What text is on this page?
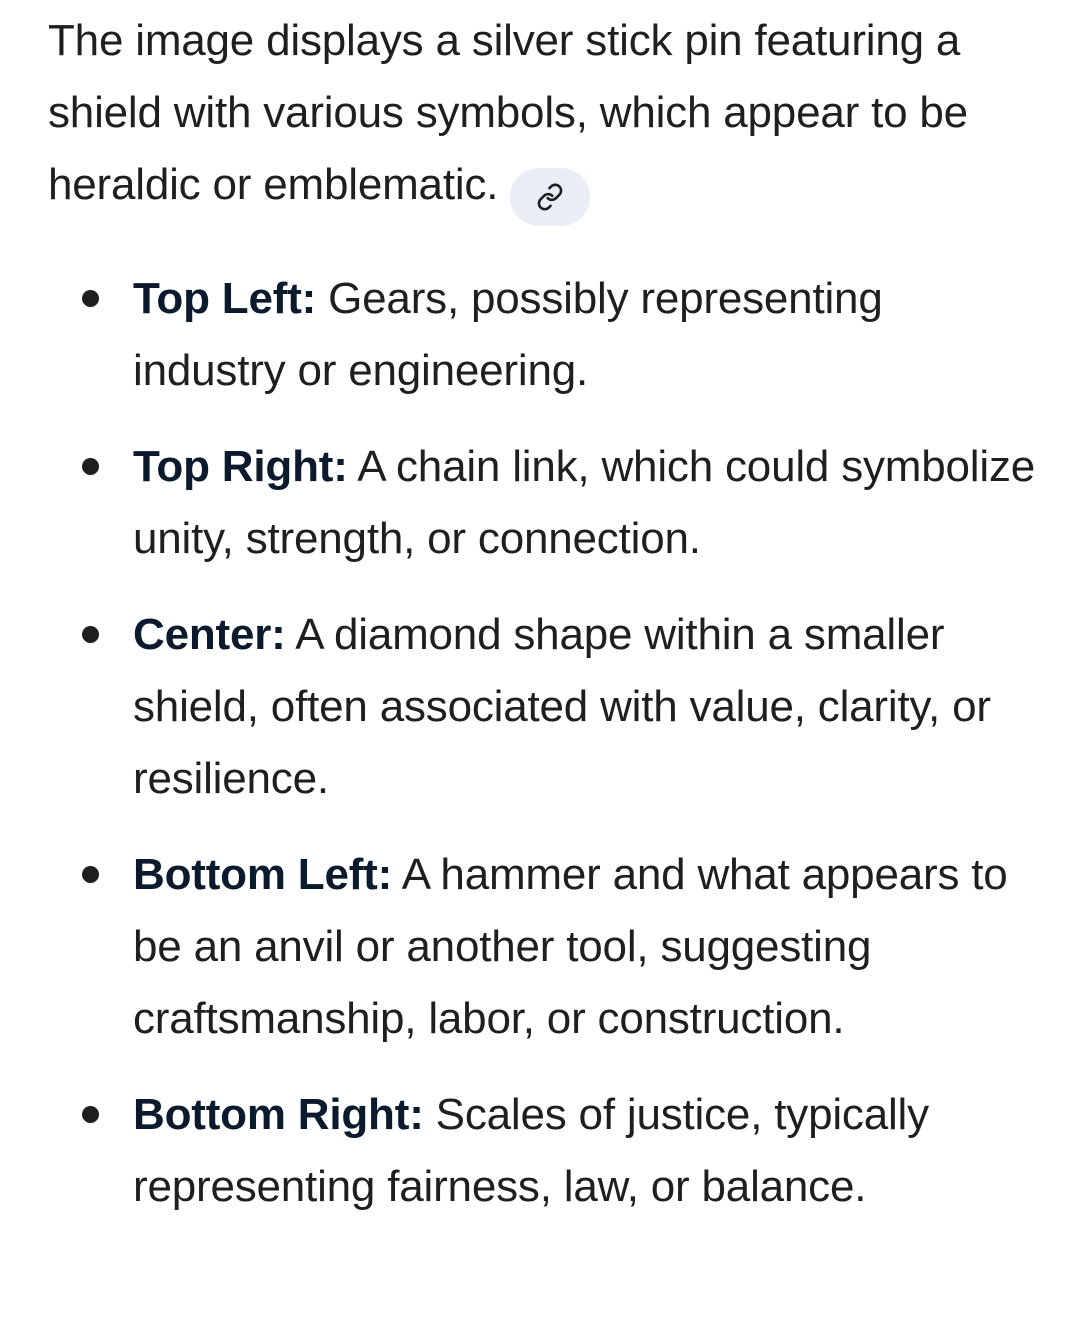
The image displays a silver stick pin featuring a shield with various symbols, which appear to be heraldic or emblematic.

Top Left: Gears, possibly representing industry or engineering.
Top Right: A chain link, which could symbolize unity, strength, or connection.
Center: A diamond shape within a smaller shield, often associated with value, clarity, or resilience.
Bottom Left: A hammer and what appears to be an anvil or another tool, suggesting craftsmanship, labor, or construction.
Bottom Right: Scales of justice, typically representing fairness, law, or balance.
